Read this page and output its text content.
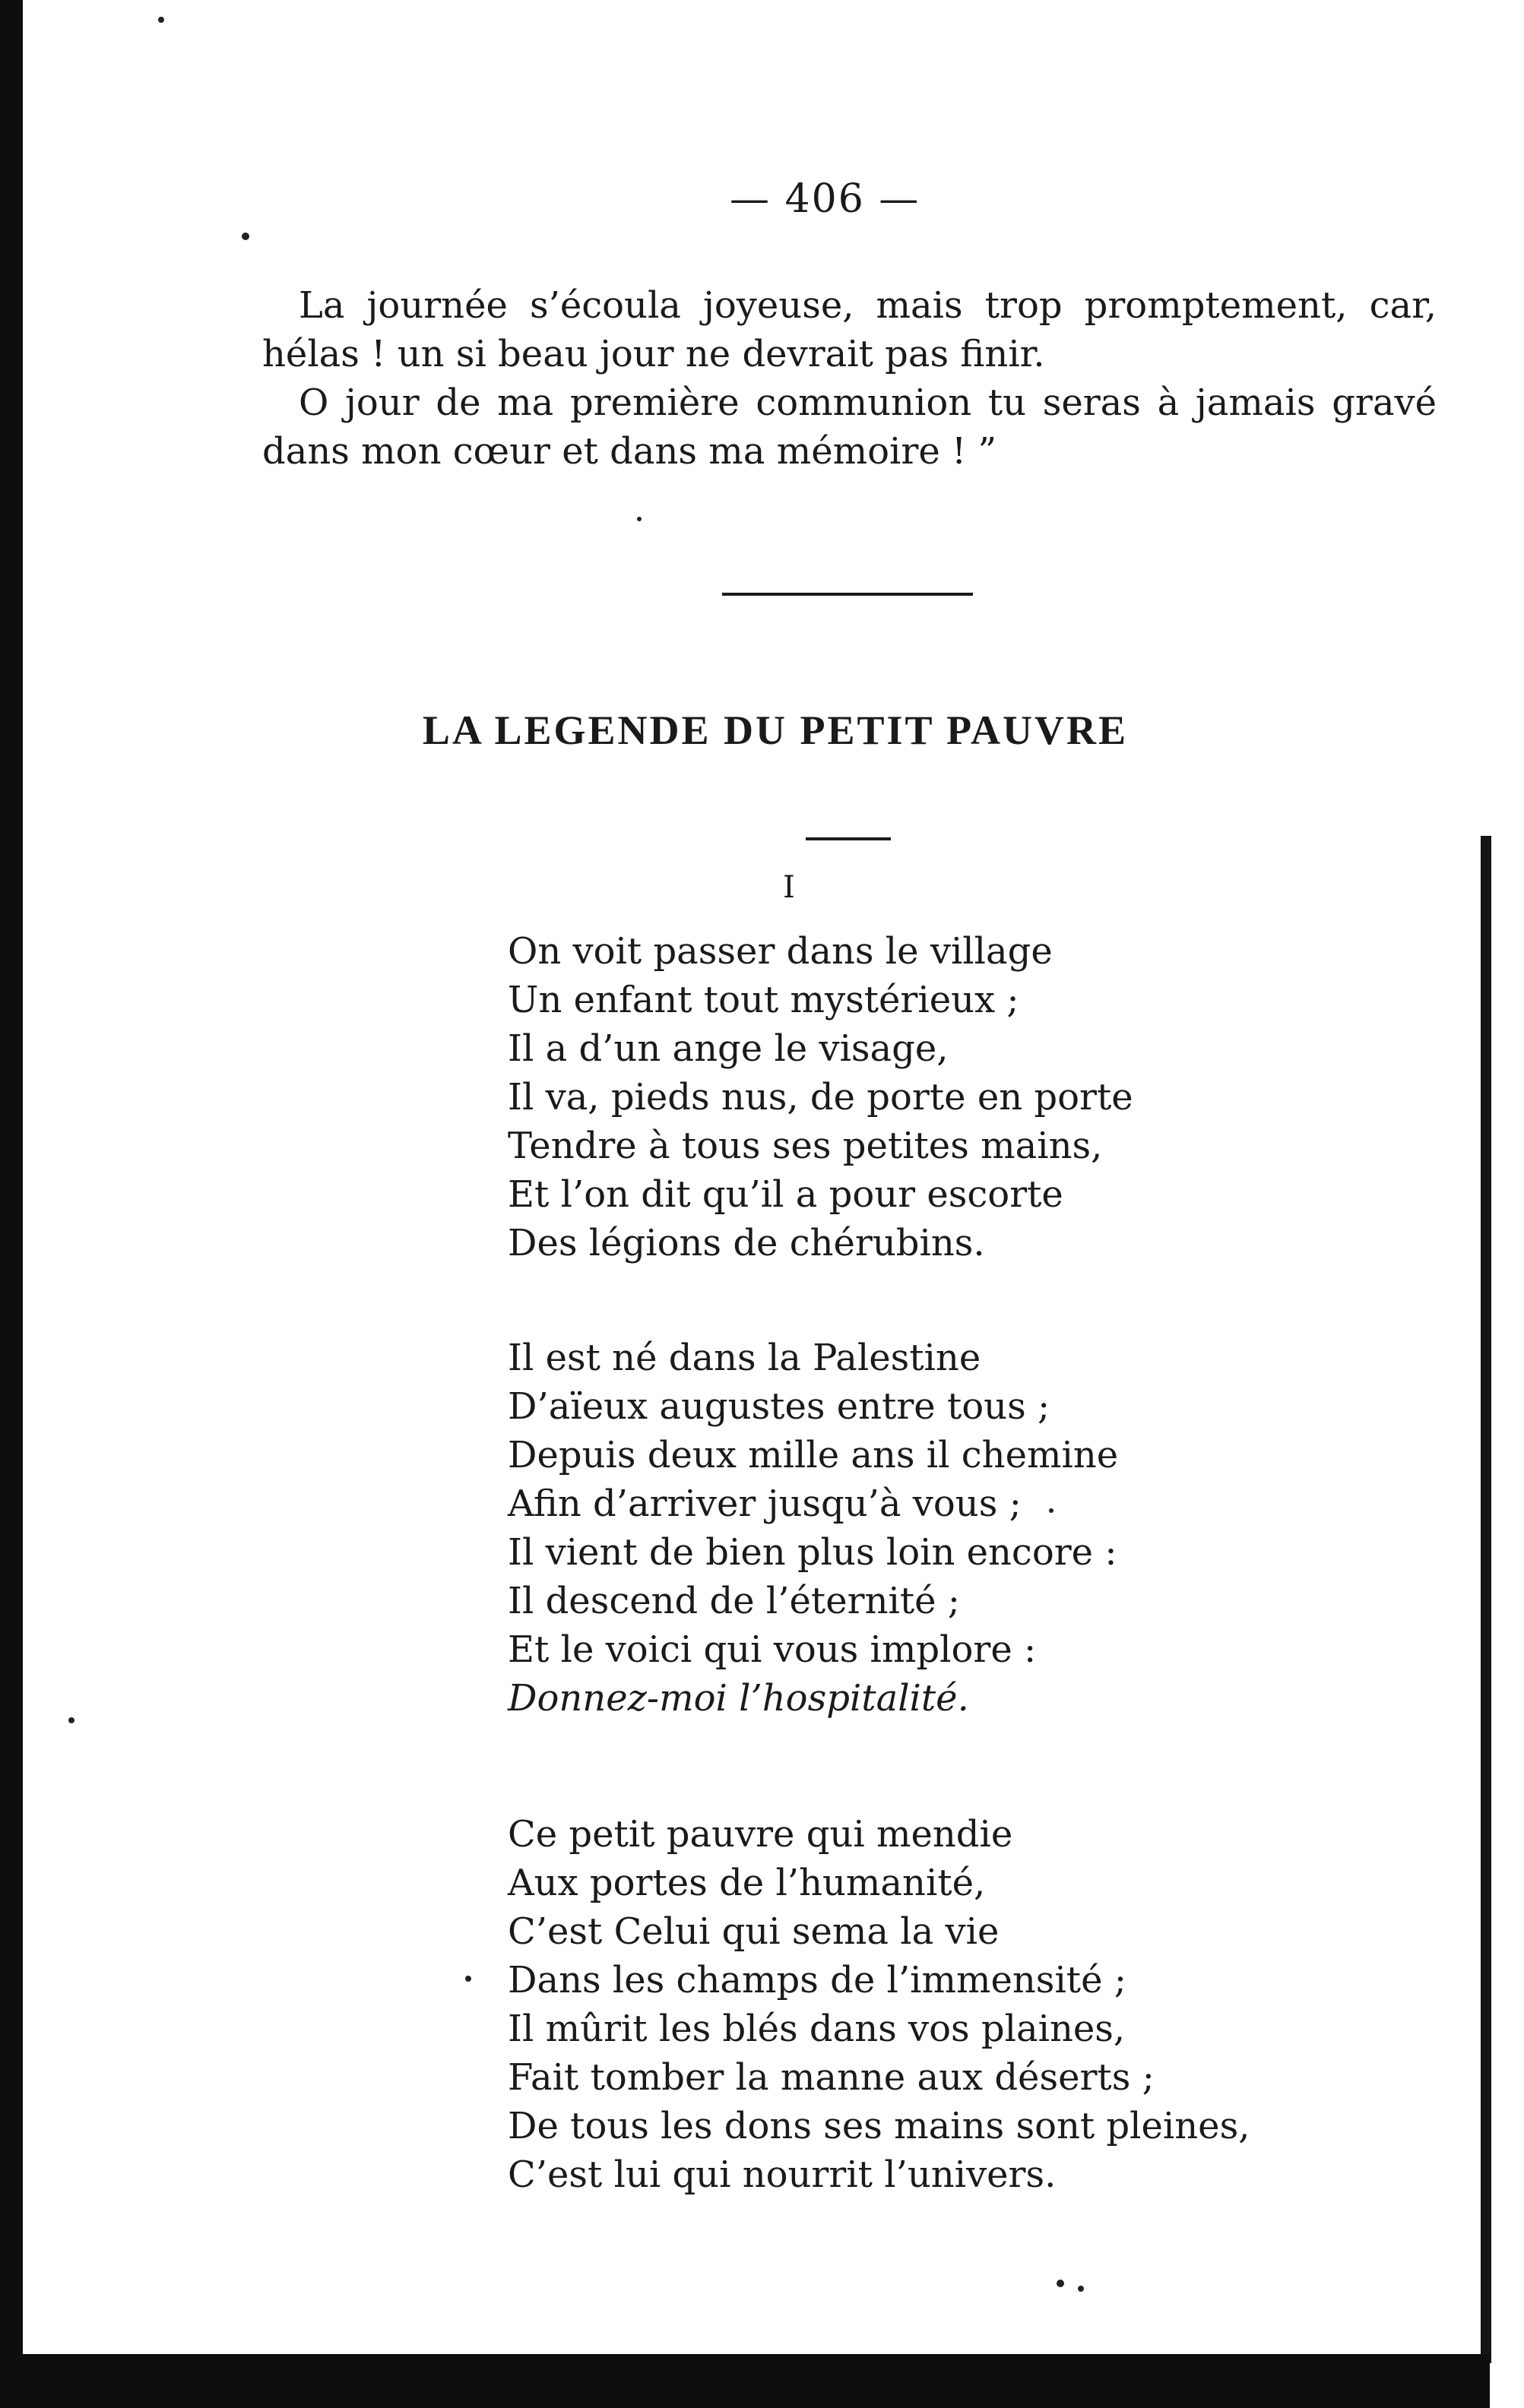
— 406 —

La journée s’écoula joyeuse, mais trop promptement, car, hélas ! un si beau jour ne devrait pas finir.

O jour de ma première communion tu seras à jamais gravé dans mon cœur et dans ma mémoire ! ”

LA LEGENDE DU PETIT PAUVRE
I
On voit passer dans le village
Un enfant tout mystérieux ;
Il a d’un ange le visage,
Il va, pieds nus, de porte en porte
Tendre à tous ses petites mains,
Et l’on dit qu’il a pour escorte
Des légions de chérubins.
Il est né dans la Palestine
D’aïeux augustes entre tous ;
Depuis deux mille ans il chemine
Afin d’arriver jusqu’à vous ;
Il vient de bien plus loin encore :
Il descend de l’éternité ;
Et le voici qui vous implore :
Donnez-moi l’hospitalité.
Ce petit pauvre qui mendie
Aux portes de l’humanité,
C’est Celui qui sema la vie
Dans les champs de l’immensité ;
Il mûrit les blés dans vos plaines,
Fait tomber la manne aux déserts ;
De tous les dons ses mains sont pleines,
C’est lui qui nourrit l’univers.
